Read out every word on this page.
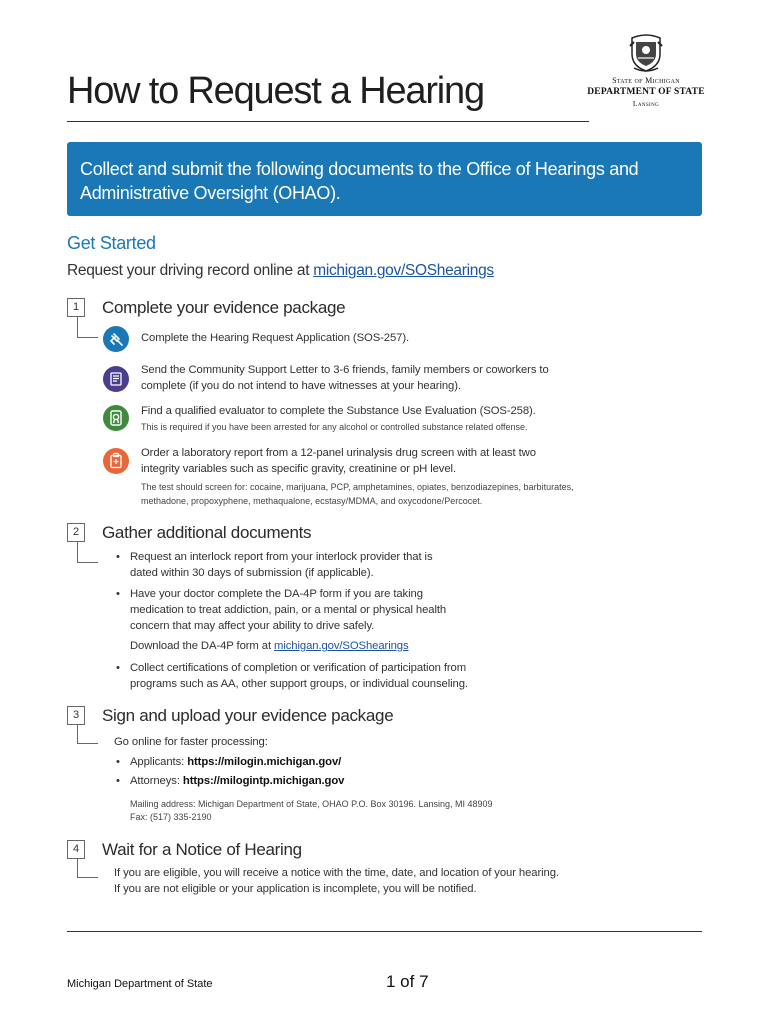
How to Request a Hearing	State of Michigan
DEPARTMENT OF STATE
Lansing
Collect and submit the following documents to the Office of Hearings and Administrative Oversight (OHAO).
Get Started
Request your driving record online at michigan.gov/SOShearings
1	Complete your evidence package
Complete the Hearing Request Application (SOS-257).
Send the Community Support Letter to 3-6 friends, family members or coworkers to complete (if you do not intend to have witnesses at your hearing).
Find a qualified evaluator to complete the Substance Use Evaluation (SOS-258).
This is required if you have been arrested for any alcohol or controlled substance related offense.
Order a laboratory report from a 12-panel urinalysis drug screen with at least two integrity variables such as specific gravity, creatinine or pH level.
The test should screen for: cocaine, marijuana, PCP, amphetamines, opiates, benzodiazepines, barbiturates, methadone, propoxyphene, methaqualone, ecstasy/MDMA, and oxycodone/Percocet.
2	Gather additional documents
• Request an interlock report from your interlock provider that is dated within 30 days of submission (if applicable).
• Have your doctor complete the DA-4P form if you are taking medication to treat addiction, pain, or a mental or physical health concern that may affect your ability to drive safely.
Download the DA-4P form at michigan.gov/SOShearings
• Collect certifications of completion or verification of participation from programs such as AA, other support groups, or individual counseling.
3	Sign and upload your evidence package
Go online for faster processing:
• Applicants: https://milogin.michigan.gov/
• Attorneys: https://milogintp.michigan.gov
Mailing address: Michigan Department of State, OHAO P.O. Box 30196. Lansing, MI 48909
Fax: (517) 335-2190
4	Wait for a Notice of Hearing
If you are eligible, you will receive a notice with the time, date, and location of your hearing.
If you are not eligible or your application is incomplete, you will be notified.
Michigan Department of State	1 of 7
